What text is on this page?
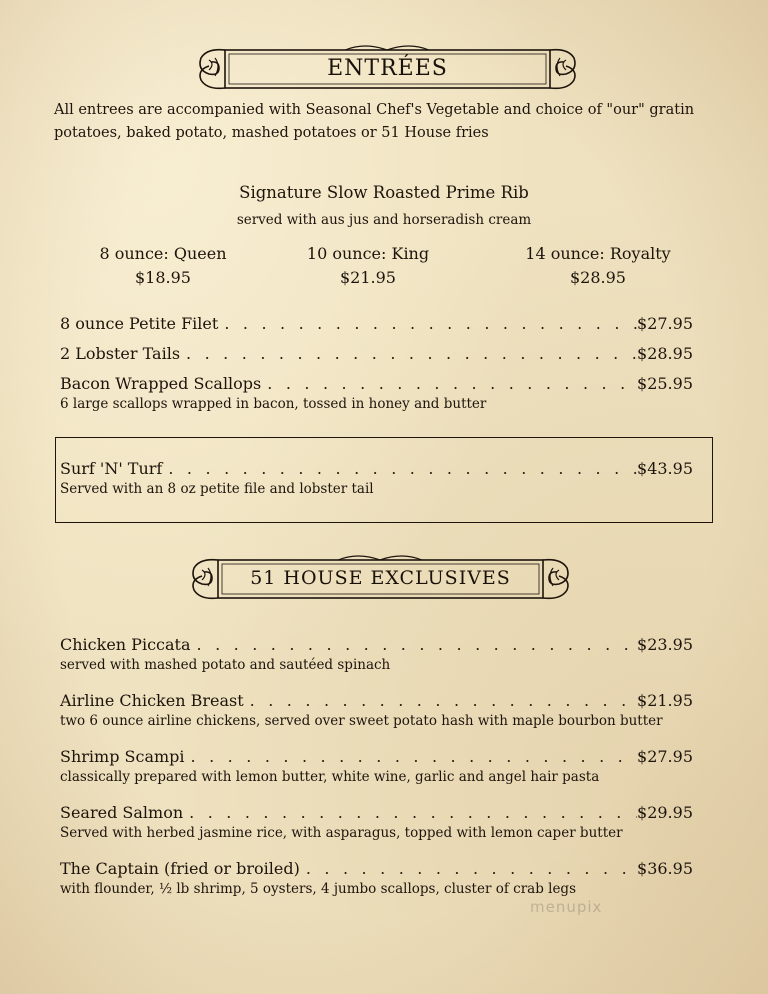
ENTRÉES
All entrees are accompanied with Seasonal Chef's Vegetable and choice of "our" gratin potatoes, baked potato, mashed potatoes or 51 House fries
Signature Slow Roasted Prime Rib
served with aus jus and horseradish cream
8 ounce: Queen
$18.95
10 ounce: King
$21.95
14 ounce: Royalty
$28.95
8 ounce Petite Filet . . .	$27.95
2 Lobster Tails . . .	$28.95
Bacon Wrapped Scallops . . .	$25.95
6 large scallops wrapped in bacon, tossed in honey and butter
Surf 'N' Turf . . .	$43.95
Served with an 8 oz petite file and lobster tail
51 HOUSE EXCLUSIVES
Chicken Piccata . . .	$23.95
served with mashed potato and sautéed spinach
Airline Chicken Breast . . .	$21.95
two 6 ounce airline chickens, served over sweet potato hash with maple bourbon butter
Shrimp Scampi . . .	$27.95
classically prepared with lemon butter, white wine, garlic and angel hair pasta
Seared Salmon . . .	$29.95
Served with herbed jasmine rice, with asparagus, topped with lemon caper butter
The Captain (fried or broiled) . . .	$36.95
with flounder, ½ lb shrimp, 5 oysters, 4 jumbo scallops, cluster of crab legs
menupix
